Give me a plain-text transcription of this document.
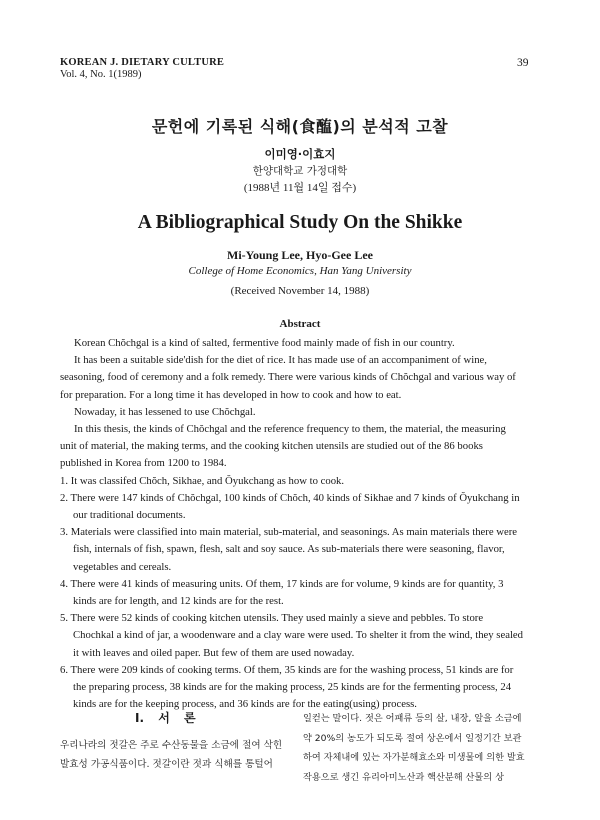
KOREAN J. DIETARY CULTURE
Vol. 4, No. 1(1989)
39
문헌에 기록된 식해(食醢)의 분석적 고찰
이미영·이효지
한양대학교 가정대학
(1988년 11월 14일 접수)
A Bibliographical Study On the Shikke
Mi-Young Lee, Hyo-Gee Lee
College of Home Economics, Han Yang University
(Received November 14, 1988)
Abstract

Korean Chŏchgal is a kind of salted, fermentive food mainly made of fish in our country.

It has been a suitable side'dish for the diet of rice. It has made use of an accompaniment of wine, seasoning, food of ceremony and a folk remedy. There were various kinds of Chŏchgal and various way of for preparation. For a long time it has developed in how to cook and how to eat.

Nowaday, it has lessened to use Chŏchgal.

In this thesis, the kinds of Chŏchgal and the reference frequency to them, the material, the measuring unit of material, the making terms, and the cooking kitchen utensils are studied out of the 86 books published in Korea from 1200 to 1984.

1. It was classifed Chŏch, Sikhae, and Ŏyukchang as how to cook.

2. There were 147 kinds of Chŏchgal, 100 kinds of Chŏch, 40 kinds of Sikhae and 7 kinds of Ŏyukchang in our traditional documents.

3. Materials were classified into main material, sub-material, and seasonings. As main materials there were fish, internals of fish, spawn, flesh, salt and soy sauce. As sub-materials there were seasoning, flavor, vegetables and cereals.

4. There were 41 kinds of measuring units. Of them, 17 kinds are for volume, 9 kinds are for quantity, 3 kinds are for length, and 12 kinds are for the rest.

5. There were 52 kinds of cooking kitchen utensils. They used mainly a sieve and pebbles. To store Chochkal a kind of jar, a woodenware and a clay ware were used. To shelter it from the wind, they sealed it with leaves and oiled paper. But few of them are used nowaday.

6. There were 209 kinds of cooking terms. Of them, 35 kinds are for the washing process, 51 kinds are for the preparing process, 38 kinds are for the making process, 25 kinds are for the fermenting process, 24 kinds are for the keeping process, and 36 kinds are for the eating(using) process.

I. 서 론

우리나라의 젓갈은 주로 수산동물을 소금에 절여 삭힌 발효성 가공식품이다. 젓갈이란 젓과 식해를 통털어

일컫는 말이다. 젓은 어패류 등의 살, 내장, 알을 소금에 약 20%의 농도가 되도록 절여 상온에서 일정기간 보관하여 자체내에 있는 자가분해효소와 미생물에 의한 발효작용으로 생긴 유리아미노산과 핵산분해 산물의 상
